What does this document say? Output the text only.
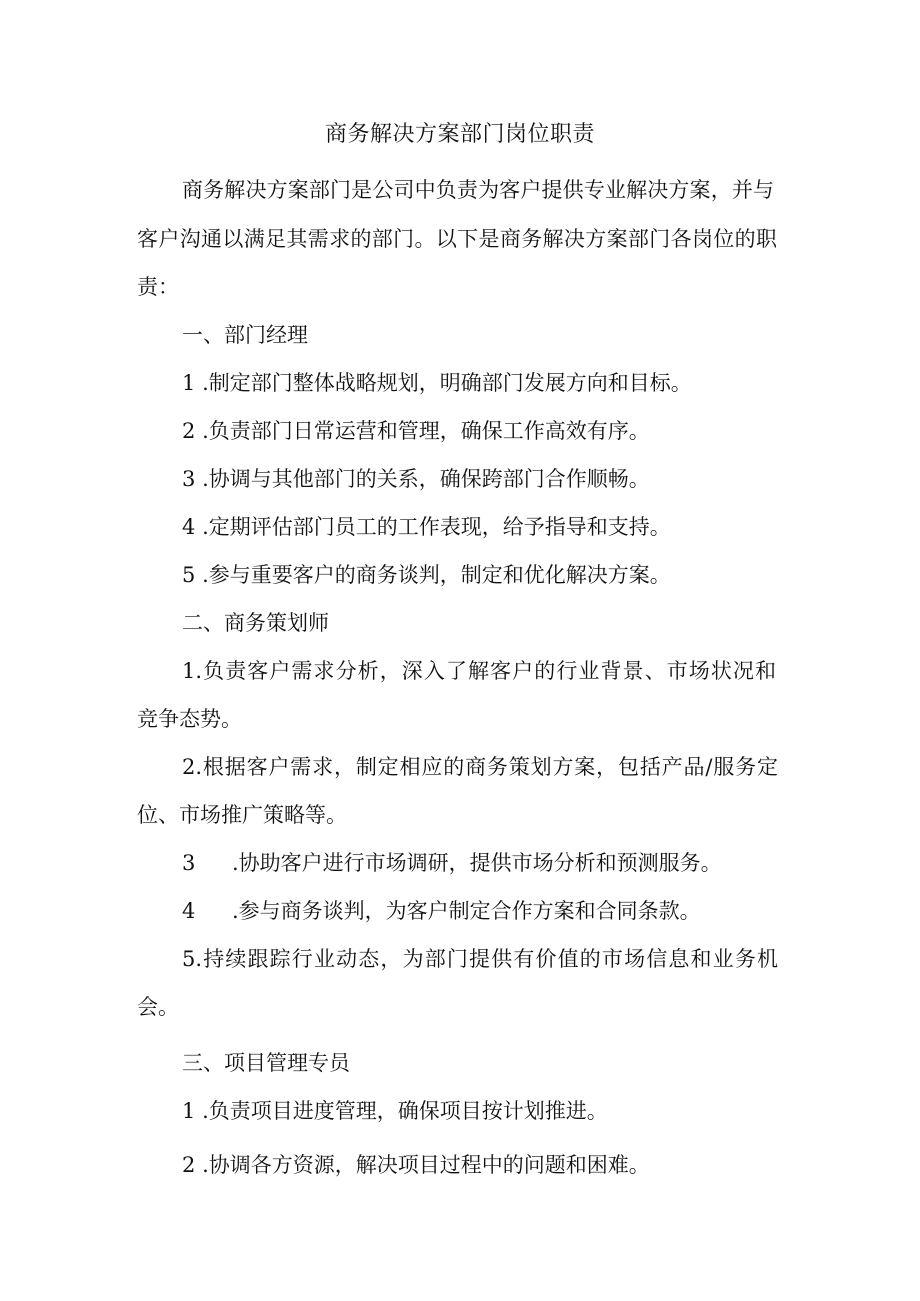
商务解决方案部门岗位职责
商务解决方案部门是公司中负责为客户提供专业解决方案，并与
客户沟通以满足其需求的部门。以下是商务解决方案部门各岗位的职
责：
一、部门经理
1 .制定部门整体战略规划，明确部门发展方向和目标。
2 .负责部门日常运营和管理，确保工作高效有序。
3 .协调与其他部门的关系，确保跨部门合作顺畅。
4 .定期评估部门员工的工作表现，给予指导和支持。
5 .参与重要客户的商务谈判，制定和优化解决方案。
二、商务策划师
1.负责客户需求分析，深入了解客户的行业背景、市场状况和
竞争态势。
2.根据客户需求，制定相应的商务策划方案，包括产品/服务定
位、市场推广策略等。
3 .协助客户进行市场调研，提供市场分析和预测服务。
4 .参与商务谈判，为客户制定合作方案和合同条款。
5.持续跟踪行业动态，为部门提供有价值的市场信息和业务机
会。
三、项目管理专员
1 .负责项目进度管理，确保项目按计划推进。
2 .协调各方资源，解决项目过程中的问题和困难。
